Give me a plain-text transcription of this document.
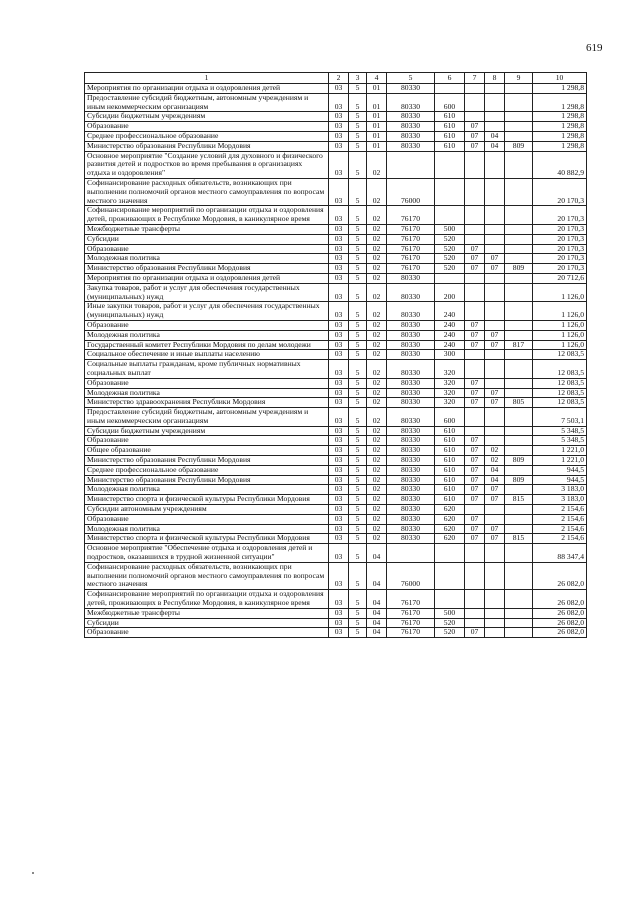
619
1	2	3	4	5	6	7	8	9	10
Мероприятия по организации отдыха и оздоровления детей	03	5	01	80330					1 298,8
Предоставление субсидий бюджетным, автономным учреждениям и иным некоммерческим организациям	03	5	01	80330	600				1 298,8
Субсидии бюджетным учреждениям	03	5	01	80330	610				1 298,8
Образование	03	5	01	80330	610	07			1 298,8
Среднее профессиональное образование	03	5	01	80330	610	07	04		1 298,8
Министерство образования Республики Мордовия	03	5	01	80330	610	07	04	809	1 298,8
Основное мероприятие "Создание условий для духовного и физического развития детей и подростков во время пребывания в организациях отдыха и оздоровления"	03	5	02						40 882,9
Софинансирование расходных обязательств, возникающих при выполнении полномочий органов местного самоуправления по вопросам местного значения	03	5	02	76000					20 170,3
Софинансирование мероприятий по организации отдыха и оздоровления детей, проживающих в Республике Мордовия, в каникулярное время	03	5	02	76170					20 170,3
Межбюджетные трансферты	03	5	02	76170	500				20 170,3
Субсидии	03	5	02	76170	520				20 170,3
Образование	03	5	02	76170	520	07			20 170,3
Молодежная политика	03	5	02	76170	520	07	07		20 170,3
Министерство образования Республики Мордовия	03	5	02	76170	520	07	07	809	20 170,3
Мероприятия по организации отдыха и оздоровления детей	03	5	02	80330					20 712,6
Закупка товаров, работ и услуг для обеспечения государственных (муниципальных) нужд	03	5	02	80330	200				1 126,0
Иные закупки товаров, работ и услуг для обеспечения государственных (муниципальных) нужд	03	5	02	80330	240				1 126,0
Образование	03	5	02	80330	240	07			1 126,0
Молодежная политика	03	5	02	80330	240	07	07		1 126,0
Государственный комитет Республики Мордовия по делам молодежи	03	5	02	80330	240	07	07	817	1 126,0
Социальное обеспечение и иные выплаты населению	03	5	02	80330	300				12 083,5
Социальные выплаты гражданам, кроме публичных нормативных социальных выплат	03	5	02	80330	320				12 083,5
Образование	03	5	02	80330	320	07			12 083,5
Молодежная политика	03	5	02	80330	320	07	07		12 083,5
Министерство здравоохранения Республики Мордовия	03	5	02	80330	320	07	07	805	12 083,5
Предоставление субсидий бюджетным, автономным учреждениям и иным некоммерческим организациям	03	5	02	80330	600				7 503,1
Субсидии бюджетным учреждениям	03	5	02	80330	610				5 348,5
Образование	03	5	02	80330	610	07			5 348,5
Общее образование	03	5	02	80330	610	07	02		1 221,0
Министерство образования Республики Мордовия	03	5	02	80330	610	07	02	809	1 221,0
Среднее профессиональное образование	03	5	02	80330	610	07	04		944,5
Министерство образования Республики Мордовия	03	5	02	80330	610	07	04	809	944,5
Молодежная политика	03	5	02	80330	610	07	07		3 183,0
Министерство спорта и физической культуры Республики Мордовия	03	5	02	80330	610	07	07	815	3 183,0
Субсидии автономным учреждениям	03	5	02	80330	620				2 154,6
Образование	03	5	02	80330	620	07			2 154,6
Молодежная политика	03	5	02	80330	620	07	07		2 154,6
Министерство спорта и физической культуры Республики Мордовия	03	5	02	80330	620	07	07	815	2 154,6
Основное мероприятие "Обеспечение отдыха и оздоровления детей и подростков, оказавшихся в трудной жизненной ситуации"	03	5	04						88 347,4
Софинансирование расходных обязательств, возникающих при выполнении полномочий органов местного самоуправления по вопросам местного значения	03	5	04	76000					26 082,0
Софинансирование мероприятий по организации отдыха и оздоровления детей, проживающих в Республике Мордовия, в каникулярное время	03	5	04	76170					26 082,0
Межбюджетные трансферты	03	5	04	76170	500				26 082,0
Субсидии	03	5	04	76170	520				26 082,0
Образование	03	5	04	76170	520	07			26 082,0
